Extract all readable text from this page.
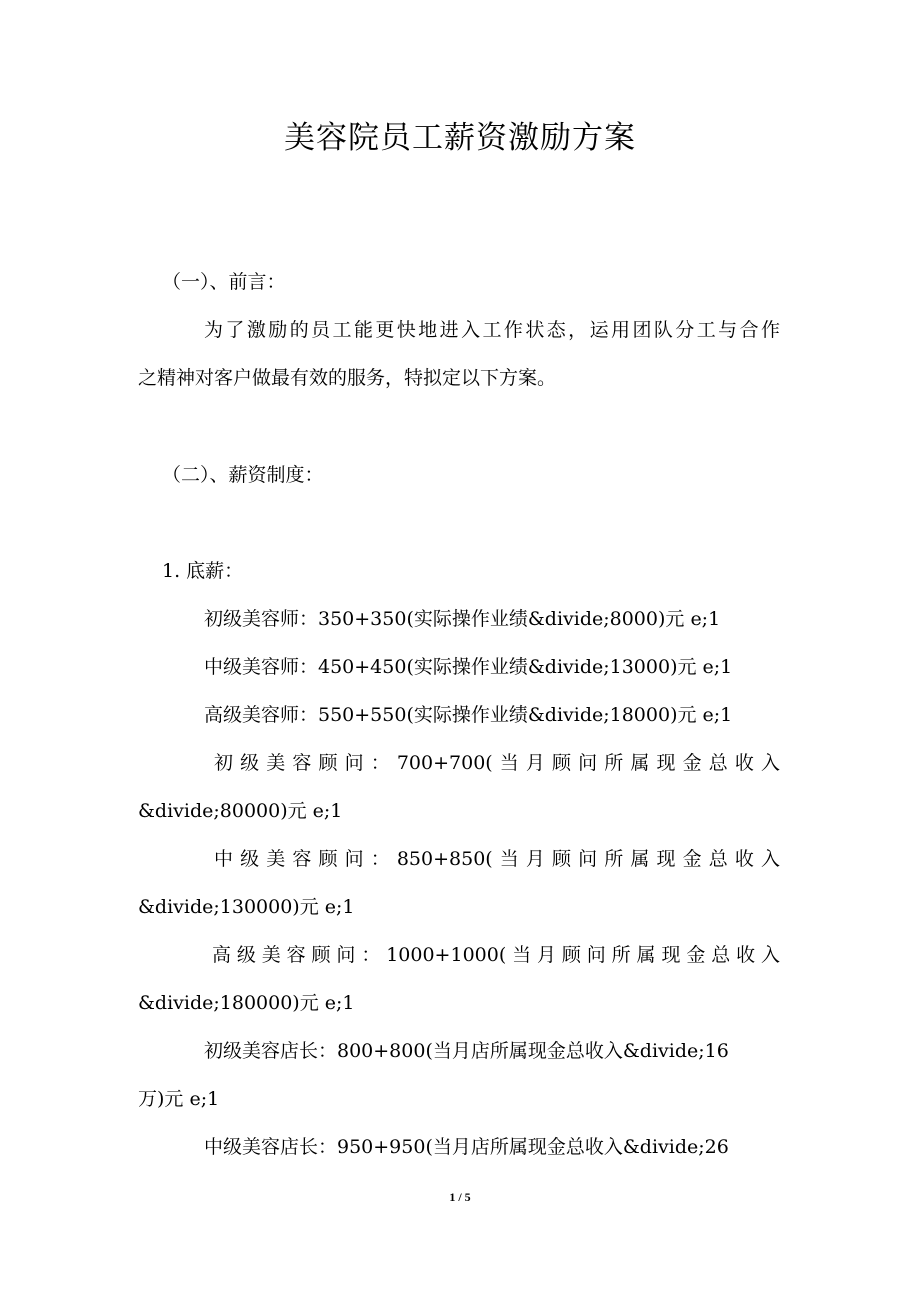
美容院员工薪资激励方案

（一）、前言：

为了激励的员工能更快地进入工作状态，运用团队分工与合作

之精神对客户做最有效的服务，特拟定以下方案。

（二）、薪资制度：

1. 底薪：

初级美容师：350+350(实际操作业绩&divide;8000)元 e;1

中级美容师：450+450(实际操作业绩&divide;13000)元 e;1

高级美容师：550+550(实际操作业绩&divide;18000)元 e;1

初级美容顾问：700+700(当月顾问所属现金总收入

&divide;80000)元 e;1

中级美容顾问：850+850(当月顾问所属现金总收入

&divide;130000)元 e;1

高级美容顾问：1000+1000(当月顾问所属现金总收入

&divide;180000)元 e;1

初级美容店长：800+800(当月店所属现金总收入&divide;16

万)元 e;1

中级美容店长：950+950(当月店所属现金总收入&divide;26

1 / 5
